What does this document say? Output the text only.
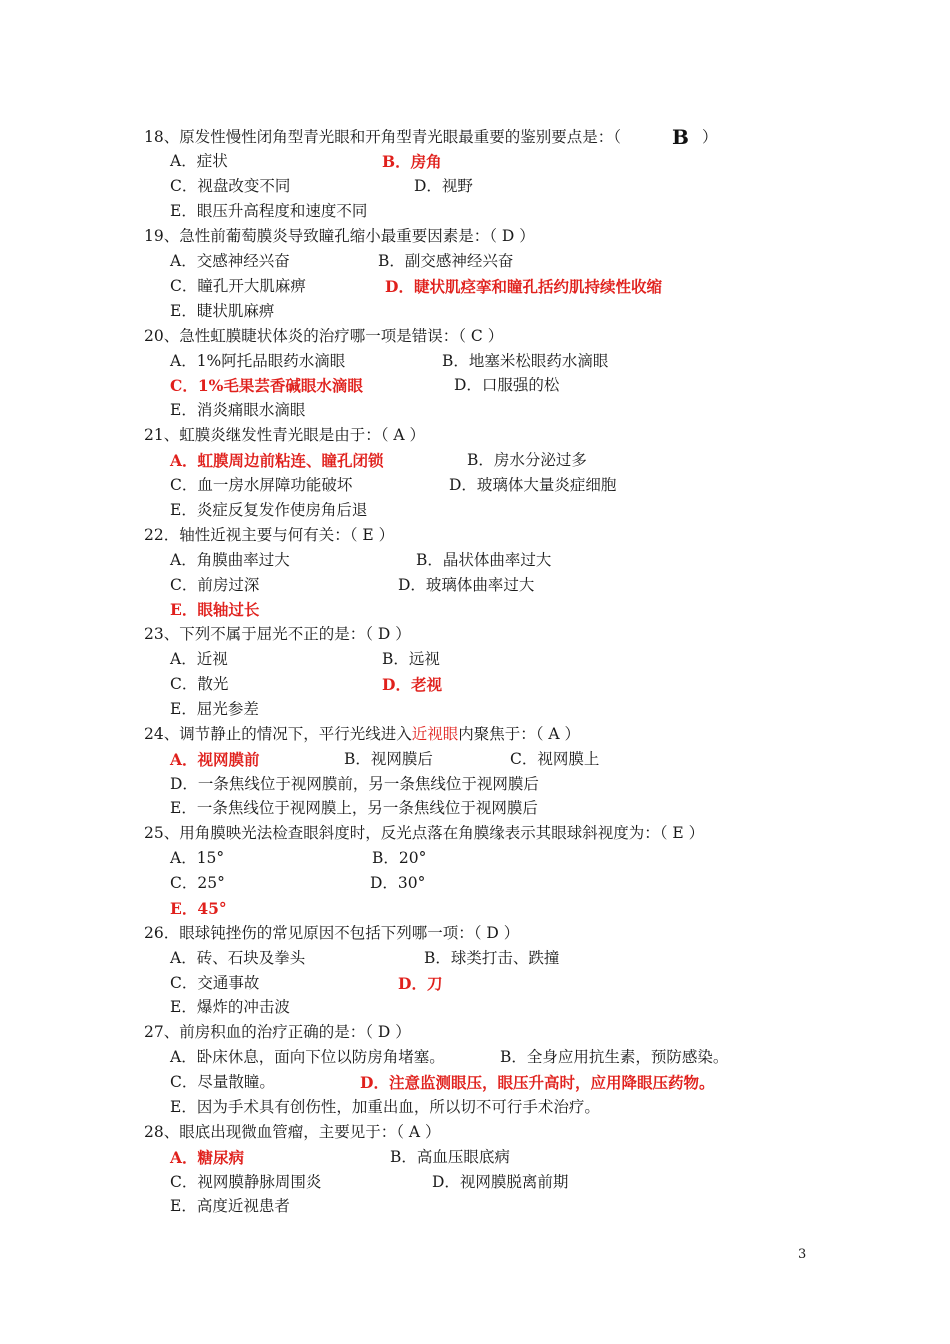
18、原发性慢性闭角型青光眼和开角型青光眼最重要的鉴别要点是：（	B ）
A．症状	B．房角
C．视盘改变不同	D．视野
E．眼压升高程度和速度不同
19、急性前葡萄膜炎导致瞳孔缩小最重要因素是：（ D ）
A．交感神经兴奋	B．副交感神经兴奋
C．瞳孔开大肌麻痹	D．睫状肌痉挛和瞳孔括约肌持续性收缩
E．睫状肌麻痹
20、急性虹膜睫状体炎的治疗哪一项是错误：（ C ）
A．1%阿托品眼药水滴眼	B．地塞米松眼药水滴眼
C．1%毛果芸香碱眼水滴眼	D．口服强的松
E．消炎痛眼水滴眼
21、虹膜炎继发性青光眼是由于：（ A ）
A．虹膜周边前粘连、瞳孔闭锁	B．房水分泌过多
C．血一房水屏障功能破坏	D．玻璃体大量炎症细胞
E．炎症反复发作使房角后退
22．轴性近视主要与何有关：（ E ）
A．角膜曲率过大	B．晶状体曲率过大
C．前房过深	D．玻璃体曲率过大
E．眼轴过长
23、下列不属于屈光不正的是：（ D ）
A．近视	B．远视
C．散光	D．老视
E．屈光参差
24、调节静止的情况下，平行光线进入近视眼内聚焦于：（ A ）
A．视网膜前	B．视网膜后	C．视网膜上
D．一条焦线位于视网膜前，另一条焦线位于视网膜后
E．一条焦线位于视网膜上，另一条焦线位于视网膜后
25、用角膜映光法检查眼斜度时，反光点落在角膜缘表示其眼球斜视度为：（ E ）
A．15°	B．20°
C．25°	D．30°
E．45°
26．眼球钝挫伤的常见原因不包括下列哪一项：（ D ）
A．砖、石块及拳头	B．球类打击、跌撞
C．交通事故	D．刀
E．爆炸的冲击波
27、前房积血的治疗正确的是：（ D ）
A．卧床休息，面向下位以防房角堵塞。	B．全身应用抗生素，预防感染。
C．尽量散瞳。	D．注意监测眼压，眼压升高时，应用降眼压药物。
E．因为手术具有创伤性，加重出血，所以切不可行手术治疗。
28、眼底出现微血管瘤，主要见于：（ A ）
A．糖尿病	B．高血压眼底病
C．视网膜静脉周围炎	D．视网膜脱离前期
E．高度近视患者
3
